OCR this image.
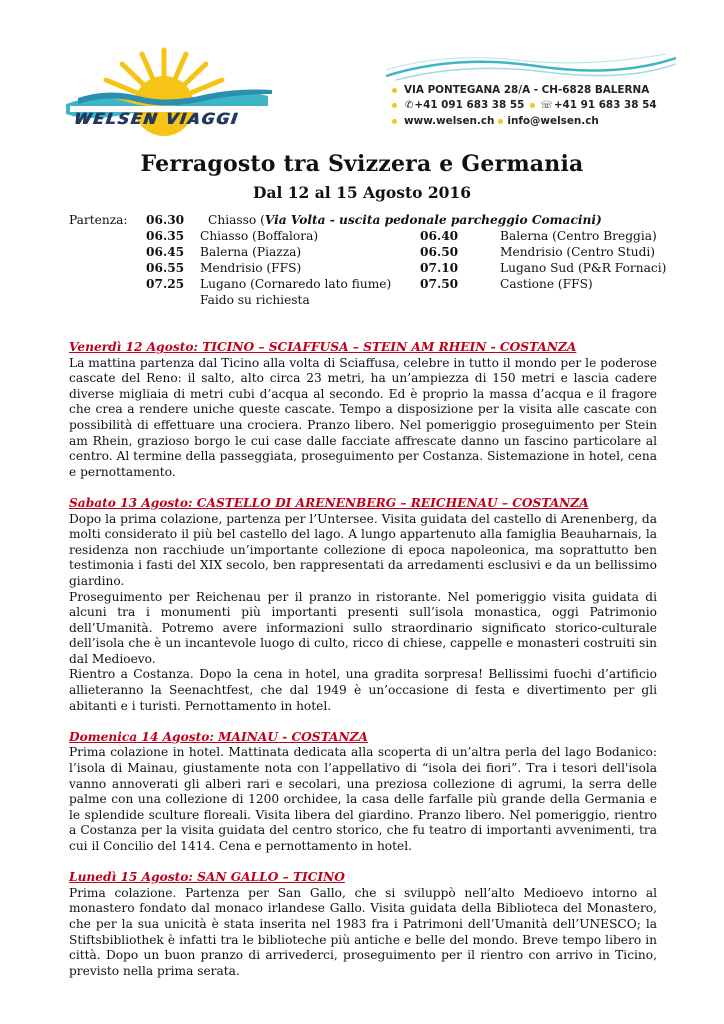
WELSEN VIAGGI
VIA PONTEGANA 28/A - CH-6828 BALERNA
✆ +41 091 683 38 55 ☏ +41 91 683 38 54
www.welsen.ch info@welsen.ch
Ferragosto tra Svizzera e Germania
Dal 12 al 15 Agosto 2016
Partenza: 06.30 Chiasso (Via Volta - uscita pedonale parcheggio Comacini)
06.35 Chiasso (Boffalora)	06.40	Balerna (Centro Breggia)
06.45 Balerna (Piazza)	06.50	Mendrisio (Centro Studi)
06.55 Mendrisio (FFS)	07.10	Lugano Sud (P&R Fornaci)
07.25 Lugano (Cornaredo lato fiume) 07.50	Castione (FFS)
Faido su richiesta
Venerdì 12 Agosto: TICINO – SCIAFFUSA – STEIN AM RHEIN - COSTANZA

La mattina partenza dal Ticino alla volta di Sciaffusa, celebre in tutto il mondo per le poderose cascate del Reno: il salto, alto circa 23 metri, ha un’ampiezza di 150 metri e lascia cadere diverse migliaia di metri cubi d’acqua al secondo. Ed è proprio la massa d’acqua e il fragore che crea a rendere uniche queste cascate. Tempo a disposizione per la visita alle cascate con possibilità di effettuare una crociera. Pranzo libero. Nel pomeriggio proseguimento per Stein am Rhein, grazioso borgo le cui case dalle facciate affrescate danno un fascino particolare al centro. Al termine della passeggiata, proseguimento per Costanza. Sistemazione in hotel, cena e pernottamento.

Sabato 13 Agosto: CASTELLO DI ARENENBERG – REICHENAU – COSTANZA

Dopo la prima colazione, partenza per l’Untersee. Visita guidata del castello di Arenenberg, da molti considerato il più bel castello del lago. A lungo appartenuto alla famiglia Beauharnais, la residenza non racchiude un’importante collezione di epoca napoleonica, ma soprattutto ben testimonia i fasti del XIX secolo, ben rappresentati da arredamenti esclusivi e da un bellissimo giardino.

Proseguimento per Reichenau per il pranzo in ristorante. Nel pomeriggio visita guidata di alcuni tra i monumenti più importanti presenti sull’isola monastica, oggi Patrimonio dell’Umanità. Potremo avere informazioni sullo straordinario significato storico-culturale dell’isola che è un incantevole luogo di culto, ricco di chiese, cappelle e monasteri costruiti sin dal Medioevo.

Rientro a Costanza. Dopo la cena in hotel, una gradita sorpresa! Bellissimi fuochi d’artificio allieteranno la Seenachtfest, che dal 1949 è un’occasione di festa e divertimento per gli abitanti e i turisti. Pernottamento in hotel.

Domenica 14 Agosto: MAINAU - COSTANZA

Prima colazione in hotel. Mattinata dedicata alla scoperta di un’altra perla del lago Bodanico: l’isola di Mainau, giustamente nota con l’appellativo di “isola dei fiori”. Tra i tesori dell'isola vanno annoverati gli alberi rari e secolari, una preziosa collezione di agrumi, la serra delle palme con una collezione di 1200 orchidee, la casa delle farfalle più grande della Germania e le splendide sculture floreali. Visita libera del giardino. Pranzo libero. Nel pomeriggio, rientro a Costanza per la visita guidata del centro storico, che fu teatro di importanti avvenimenti, tra cui il Concilio del 1414. Cena e pernottamento in hotel.

Lunedì 15 Agosto: SAN GALLO – TICINO

Prima colazione. Partenza per San Gallo, che si sviluppò nell’alto Medioevo intorno al monastero fondato dal monaco irlandese Gallo. Visita guidata della Biblioteca del Monastero, che per la sua unicità è stata inserita nel 1983 fra i Patrimoni dell’Umanità dell’UNESCO; la Stiftsbibliothek è infatti tra le biblioteche più antiche e belle del mondo. Breve tempo libero in città. Dopo un buon pranzo di arrivederci, proseguimento per il rientro con arrivo in Ticino, previsto nella prima serata.
